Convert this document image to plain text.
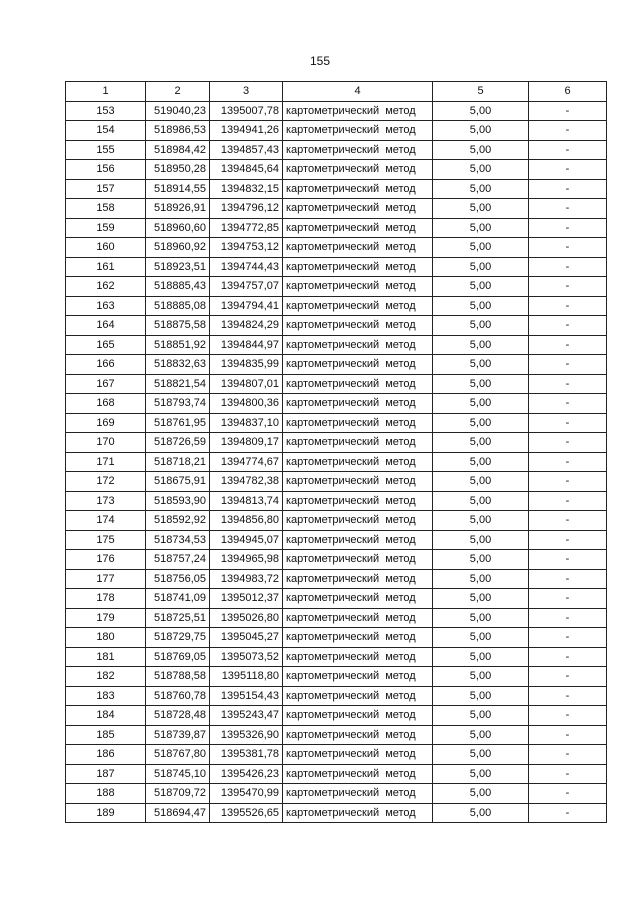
155
1	2	3	4	5	6
153	519040,23	1395007,78	картометрический метод	5,00	-
154	518986,53	1394941,26	картометрический метод	5,00	-
155	518984,42	1394857,43	картометрический метод	5,00	-
156	518950,28	1394845,64	картометрический метод	5,00	-
157	518914,55	1394832,15	картометрический метод	5,00	-
158	518926,91	1394796,12	картометрический метод	5,00	-
159	518960,60	1394772,85	картометрический метод	5,00	-
160	518960,92	1394753,12	картометрический метод	5,00	-
161	518923,51	1394744,43	картометрический метод	5,00	-
162	518885,43	1394757,07	картометрический метод	5,00	-
163	518885,08	1394794,41	картометрический метод	5,00	-
164	518875,58	1394824,29	картометрический метод	5,00	-
165	518851,92	1394844,97	картометрический метод	5,00	-
166	518832,63	1394835,99	картометрический метод	5,00	-
167	518821,54	1394807,01	картометрический метод	5,00	-
168	518793,74	1394800,36	картометрический метод	5,00	-
169	518761,95	1394837,10	картометрический метод	5,00	-
170	518726,59	1394809,17	картометрический метод	5,00	-
171	518718,21	1394774,67	картометрический метод	5,00	-
172	518675,91	1394782,38	картометрический метод	5,00	-
173	518593,90	1394813,74	картометрический метод	5,00	-
174	518592,92	1394856,80	картометрический метод	5,00	-
175	518734,53	1394945,07	картометрический метод	5,00	-
176	518757,24	1394965,98	картометрический метод	5,00	-
177	518756,05	1394983,72	картометрический метод	5,00	-
178	518741,09	1395012,37	картометрический метод	5,00	-
179	518725,51	1395026,80	картометрический метод	5,00	-
180	518729,75	1395045,27	картометрический метод	5,00	-
181	518769,05	1395073,52	картометрический метод	5,00	-
182	518788,58	1395118,80	картометрический метод	5,00	-
183	518760,78	1395154,43	картометрический метод	5,00	-
184	518728,48	1395243,47	картометрический метод	5,00	-
185	518739,87	1395326,90	картометрический метод	5,00	-
186	518767,80	1395381,78	картометрический метод	5,00	-
187	518745,10	1395426,23	картометрический метод	5,00	-
188	518709,72	1395470,99	картометрический метод	5,00	-
189	518694,47	1395526,65	картометрический метод	5,00	-
